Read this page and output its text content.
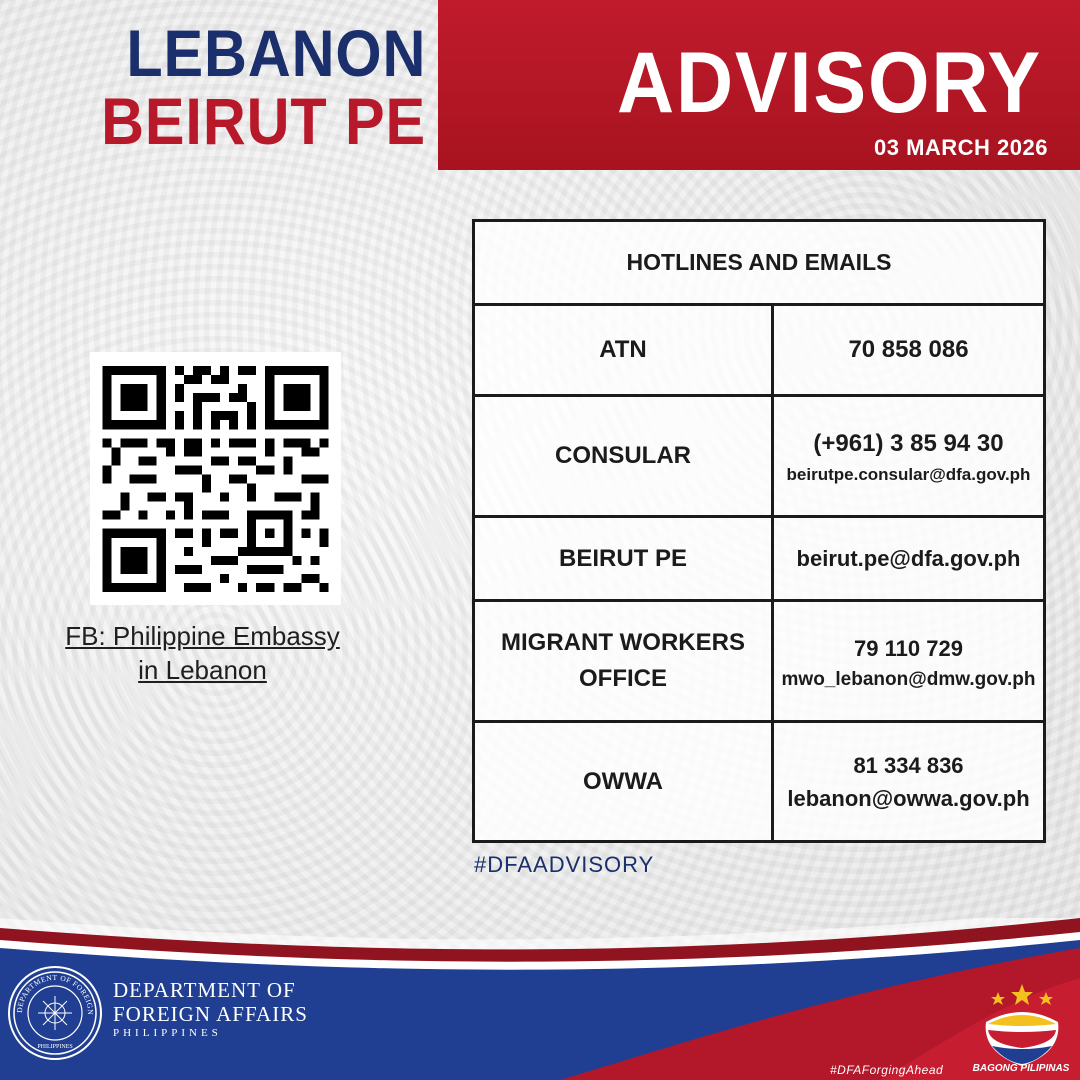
LEBANON
BEIRUT PE ADVISORY
03 MARCH 2026
FB: Philippine Embassy
in Lebanon
HOTLINES AND EMAILS	
ATN	70 858 086

CONSULAR	(+961) 3 85 94 30
beirutpe.consular@dfa.gov.ph

BEIRUT PE	beirut.pe@dfa.gov.ph

MIGRANT WORKERS
OFFICE	79 110 729
mwo_lebanon@dmw.gov.ph

OWWA	81 334 836
lebanon@owwa.gov.ph
#DFAADVISORY
DEPARTMENT OF FOREIGN
PHILIPPINES
DEPARTMENT OF
FOREIGN AFFAIRS
PHILIPPINES
#DFAForgingAhead	BAGONG PILIPINAS
